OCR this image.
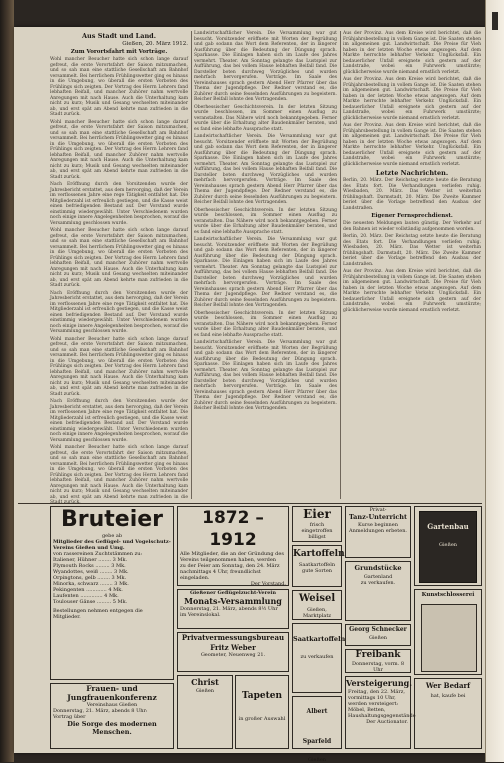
Aus Stadt und Land.
Gießen, 20. März 1912.
Zum Vorortsfahrt mit Vorträge.

Wohl mancher Besucher hatte sich schon lange darauf gefreut, die erste Vorortsfahrt der Saison mitzumachen, und so sah man eine stattliche Gesellschaft am Bahnhof versammelt. Bei herrlichem Frühlingswetter ging es hinaus in die Umgebung, wo überall die ersten Vorboten des Frühlings sich zeigten. Der Vortrag des Herrn Lehrers fand lebhaften Beifall, und mancher Zuhörer nahm wertvolle Anregungen mit nach Hause. Auch die Unterhaltung kam nicht zu kurz; Musik und Gesang wechselten miteinander ab, und erst spät am Abend kehrte man zufrieden in die Stadt zurück.

Wohl mancher Besucher hatte sich schon lange darauf gefreut, die erste Vorortsfahrt der Saison mitzumachen, und so sah man eine stattliche Gesellschaft am Bahnhof versammelt. Bei herrlichem Frühlingswetter ging es hinaus in die Umgebung, wo überall die ersten Vorboten des Frühlings sich zeigten. Der Vortrag des Herrn Lehrers fand lebhaften Beifall, und mancher Zuhörer nahm wertvolle Anregungen mit nach Hause. Auch die Unterhaltung kam nicht zu kurz; Musik und Gesang wechselten miteinander ab, und erst spät am Abend kehrte man zufrieden in die Stadt zurück.

Nach Eröffnung durch den Vorsitzenden wurde der Jahresbericht erstattet, aus dem hervorging, daß der Verein im verflossenen Jahre eine rege Tätigkeit entfaltet hat. Die Mitgliederzahl ist erfreulich gestiegen, und die Kasse weist einen befriedigenden Bestand auf. Der Vorstand wurde einstimmig wiedergewählt. Unter Verschiedenem wurden noch einige innere Angelegenheiten besprochen, worauf die Versammlung geschlossen wurde.

Wohl mancher Besucher hatte sich schon lange darauf gefreut, die erste Vorortsfahrt der Saison mitzumachen, und so sah man eine stattliche Gesellschaft am Bahnhof versammelt. Bei herrlichem Frühlingswetter ging es hinaus in die Umgebung, wo überall die ersten Vorboten des Frühlings sich zeigten. Der Vortrag des Herrn Lehrers fand lebhaften Beifall, und mancher Zuhörer nahm wertvolle Anregungen mit nach Hause. Auch die Unterhaltung kam nicht zu kurz; Musik und Gesang wechselten miteinander ab, und erst spät am Abend kehrte man zufrieden in die Stadt zurück.

Nach Eröffnung durch den Vorsitzenden wurde der Jahresbericht erstattet, aus dem hervorging, daß der Verein im verflossenen Jahre eine rege Tätigkeit entfaltet hat. Die Mitgliederzahl ist erfreulich gestiegen, und die Kasse weist einen befriedigenden Bestand auf. Der Vorstand wurde einstimmig wiedergewählt. Unter Verschiedenem wurden noch einige innere Angelegenheiten besprochen, worauf die Versammlung geschlossen wurde.

Wohl mancher Besucher hatte sich schon lange darauf gefreut, die erste Vorortsfahrt der Saison mitzumachen, und so sah man eine stattliche Gesellschaft am Bahnhof versammelt. Bei herrlichem Frühlingswetter ging es hinaus in die Umgebung, wo überall die ersten Vorboten des Frühlings sich zeigten. Der Vortrag des Herrn Lehrers fand lebhaften Beifall, und mancher Zuhörer nahm wertvolle Anregungen mit nach Hause. Auch die Unterhaltung kam nicht zu kurz; Musik und Gesang wechselten miteinander ab, und erst spät am Abend kehrte man zufrieden in die Stadt zurück.

Nach Eröffnung durch den Vorsitzenden wurde der Jahresbericht erstattet, aus dem hervorging, daß der Verein im verflossenen Jahre eine rege Tätigkeit entfaltet hat. Die Mitgliederzahl ist erfreulich gestiegen, und die Kasse weist einen befriedigenden Bestand auf. Der Vorstand wurde einstimmig wiedergewählt. Unter Verschiedenem wurden noch einige innere Angelegenheiten besprochen, worauf die Versammlung geschlossen wurde.

Wohl mancher Besucher hatte sich schon lange darauf gefreut, die erste Vorortsfahrt der Saison mitzumachen, und so sah man eine stattliche Gesellschaft am Bahnhof versammelt. Bei herrlichem Frühlingswetter ging es hinaus in die Umgebung, wo überall die ersten Vorboten des Frühlings sich zeigten. Der Vortrag des Herrn Lehrers fand lebhaften Beifall, und mancher Zuhörer nahm wertvolle Anregungen mit nach Hause. Auch die Unterhaltung kam nicht zu kurz; Musik und Gesang wechselten miteinander ab, und erst spät am Abend kehrte man zufrieden in die

Landwirtschaftlicher Verein. Die Versammlung war gut besucht. Vorsitzender eröffnete mit Worten der Begrüßung und gab sodann das Wort dem Referenten, der in längerer Ausführung über die Bedeutung der Düngung sprach. Sparkasse. Die Einlagen haben sich im Laufe des Jahres vermehrt. Theater. Am Sonntag gelangte das Lustspiel zur Aufführung, das bei vollem Hause lebhaften Beifall fand. Die Darsteller boten durchweg Vorzügliches und wurden mehrfach hervorgerufen. Vorträge. Im Saale des Vereinshauses sprach gestern Abend Herr Pfarrer über das Thema der Jugendpflege. Der Redner verstand es, die Zuhörer durch seine fesselnden Ausführungen zu begeistern. Reicher Beifall lohnte den Vortragenden.

Oberhessischer Geschichtsverein. In der letzten Sitzung wurde beschlossen, im Sommer einen Ausflug zu veranstalten. Das Nähere wird noch bekanntgegeben. Ferner wurde über die Erhaltung alter Baudenkmäler beraten, und es fand eine lebhafte Aussprache statt.

Landwirtschaftlicher Verein. Die Versammlung war gut besucht. Vorsitzender eröffnete mit Worten der Begrüßung und gab sodann das Wort dem Referenten, der in längerer Ausführung über die Bedeutung der Düngung sprach. Sparkasse. Die Einlagen haben sich im Laufe des Jahres vermehrt. Theater. Am Sonntag gelangte das Lustspiel zur Aufführung, das bei vollem Hause lebhaften Beifall fand. Die Darsteller boten durchweg Vorzügliches und wurden mehrfach hervorgerufen. Vorträge. Im Saale des Vereinshauses sprach gestern Abend Herr Pfarrer über das Thema der Jugendpflege. Der Redner verstand es, die Zuhörer durch seine fesselnden Ausführungen zu begeistern. Reicher Beifall lohnte den Vortragenden.

Oberhessischer Geschichtsverein. In der letzten Sitzung wurde beschlossen, im Sommer einen Ausflug zu veranstalten. Das Nähere wird noch bekanntgegeben. Ferner wurde über die Erhaltung alter Baudenkmäler beraten, und es fand eine lebhafte Aussprache statt.

Landwirtschaftlicher Verein. Die Versammlung war gut besucht. Vorsitzender eröffnete mit Worten der Begrüßung und gab sodann das Wort dem Referenten, der in längerer Ausführung über die Bedeutung der Düngung sprach. Sparkasse. Die Einlagen haben sich im Laufe des Jahres vermehrt. Theater. Am Sonntag gelangte das Lustspiel zur Aufführung, das bei vollem Hause lebhaften Beifall fand. Die Darsteller boten durchweg Vorzügliches und wurden mehrfach hervorgerufen. Vorträge. Im Saale des Vereinshauses sprach gestern Abend Herr Pfarrer über das Thema der Jugendpflege. Der Redner verstand es, die Zuhörer durch seine fesselnden Ausführungen zu begeistern. Reicher Beifall lohnte den Vortragenden.

Oberhessischer Geschichtsverein. In der letzten Sitzung wurde beschlossen, im Sommer einen Ausflug zu veranstalten. Das Nähere wird noch bekanntgegeben. Ferner wurde über die Erhaltung alter Baudenkmäler beraten, und es fand eine lebhafte Aussprache statt.

Landwirtschaftlicher Verein. Die Versammlung war gut besucht. Vorsitzender eröffnete mit Worten der Begrüßung und gab sodann das Wort dem Referenten, der in längerer Ausführung über die Bedeutung der Düngung sprach. Sparkasse. Die Einlagen haben sich im Laufe des Jahres vermehrt. Theater. Am Sonntag gelangte das Lustspiel zur Aufführung, das bei vollem Hause lebhaften Beifall fand. Die Darsteller boten durchweg Vorzügliches und wurden mehrfach hervorgerufen. Vorträge. Im Saale des Vereinshauses sprach gestern Abend Herr Pfarrer über das Thema der Jugendpflege. Der Redner verstand es, die Zuhörer durch seine fesselnden Ausführungen zu begeistern. Reicher Beifall lohnte den Vortragenden.

Aus der Provinz. Aus dem Kreise wird berichtet, daß die Frühjahrsbestellung in vollem Gange ist. Die Saaten stehen im allgemeinen gut. Landwirtschaft. Die Preise für Vieh haben in der letzten Woche etwas angezogen. Auf dem Markte herrschte lebhafter Verkehr. Unglücksfall. Ein bedauerlicher Unfall ereignete sich gestern auf der Landstraße, wobei ein Fuhrwerk umstürzte; glücklicherweise wurde niemand ernstlich verletzt.

Aus der Provinz. Aus dem Kreise wird berichtet, daß die Frühjahrsbestellung in vollem Gange ist. Die Saaten stehen im allgemeinen gut. Landwirtschaft. Die Preise für Vieh haben in der letzten Woche etwas angezogen. Auf dem Markte herrschte lebhafter Verkehr. Unglücksfall. Ein bedauerlicher Unfall ereignete sich gestern auf der Landstraße, wobei ein Fuhrwerk umstürzte; glücklicherweise wurde niemand ernstlich verletzt.

Aus der Provinz. Aus dem Kreise wird berichtet, daß die Frühjahrsbestellung in vollem Gange ist. Die Saaten stehen im allgemeinen gut. Landwirtschaft. Die Preise für Vieh haben in der letzten Woche etwas angezogen. Auf dem Markte herrschte lebhafter Verkehr. Unglücksfall. Ein bedauerlicher Unfall ereignete sich gestern auf der Landstraße, wobei ein Fuhrwerk umstürzte; glücklicherweise wurde niemand ernstlich verletzt.

Letzte Nachrichten.

Berlin, 20. März. Der Reichstag setzte heute die Beratung des Etats fort. Die Verhandlungen verliefen ruhig. Wiesbaden, 20. März. Das Wetter ist weiterhin frühlingshaft. Darmstadt, 20. März. Die Zweite Kammer beriet über die Vorlage betreffend den Ausbau der Landstraßen.

Eigener Fernsprechdienst.

Die neuesten Meldungen lauten günstig. Der Verkehr auf den Bahnen ist wieder vollständig aufgenommen worden.

Berlin, 20. März. Der Reichstag setzte heute die Beratung des Etats fort. Die Verhandlungen verliefen ruhig. Wiesbaden, 20. März. Das Wetter ist weiterhin frühlingshaft. Darmstadt, 20. März. Die Zweite Kammer beriet über die Vorlage betreffend den Ausbau der Landstraßen.

Aus der Provinz. Aus dem Kreise wird berichtet, daß die Frühjahrsbestellung in vollem Gange ist. Die Saaten stehen im allgemeinen gut. Landwirtschaft. Die Preise für Vieh haben in der letzten Woche etwas angezogen. Auf dem Markte herrschte lebhafter Verkehr. Unglücksfall. Ein bedauerlicher Unfall ereignete sich gestern auf der Landstraße, wobei ein Fuhrwerk umstürzte; glücklicherweise wurde niemand ernstlich verletzt.

Bruteier
gebe ab
Mitglieder des Geflügel- und Vogelschutz-
Vereins Gießen und Umg.
von rassereinen Zuchtstämmen zu:
Italiener, Hühner ........ 3 Mk.
Plymouth Rocks ......... 3 Mk.
Wyandottes, weiß ........ 3 Mk.
Orpingtons, gelb ........ 3 Mk.
Minorka, schwarz ........ 3 Mk.
Pekingenten ............. 4 Mk.
Laufenten .............. 4 Mk.
Toulouser Gänse ......... 5 Mk.
Bestellungen nehmen entgegen die Mitglieder.
Frauen- und Jungfrauenkonferenz
Vereinshaus Gießen
Donnerstag, 21. März, abends 8 Uhr:
Vortrag über
Die Sorge des modernen Menschen.
1872 – 1912
Alle Mitglieder, die an der Gründung des
Vereins teilgenommen haben, werden
zu der Feier am Sonntag, den 24. März
nachmittags 4 Uhr, freundlichst eingeladen.
Der Vorstand.
Gießener Geflügelzucht-Verein
Monats-Versammlung
Donnerstag, 21. März, abends 8½ Uhr
im Vereinslokal.
Privatvermessungsbureau
Fritz Weber
Geometer, Neuenweg 21.
Christ
Gießen	Tapeten
in großer Auswahl
Eier
frisch eingetroffen
billigst
Kartoffeln
Saatkartoffeln
gute Sorten
Weisel
Gießen, Marktplatz
Saatkartoffeln
zu verkaufen
Albert Sparfeld
Gießen
Privat-
Tanz-Unterricht
Kurse beginnen
Anmeldungen erbeten.
Grundstücke
Gartenland
zu verkaufen.
Georg Schnecker
Gießen
Freibank
Donnerstag, vorm. 8 Uhr
Versteigerung.
Freitag, den 22. März,
vormittags 10 Uhr,
werden versteigert:
Möbel, Betten, Haushaltungsgegenstände
Der Auctionator.
Gartenbau
Gießen
Kunstschlosserei
Wer Bedarf
hat, kaufe bei
